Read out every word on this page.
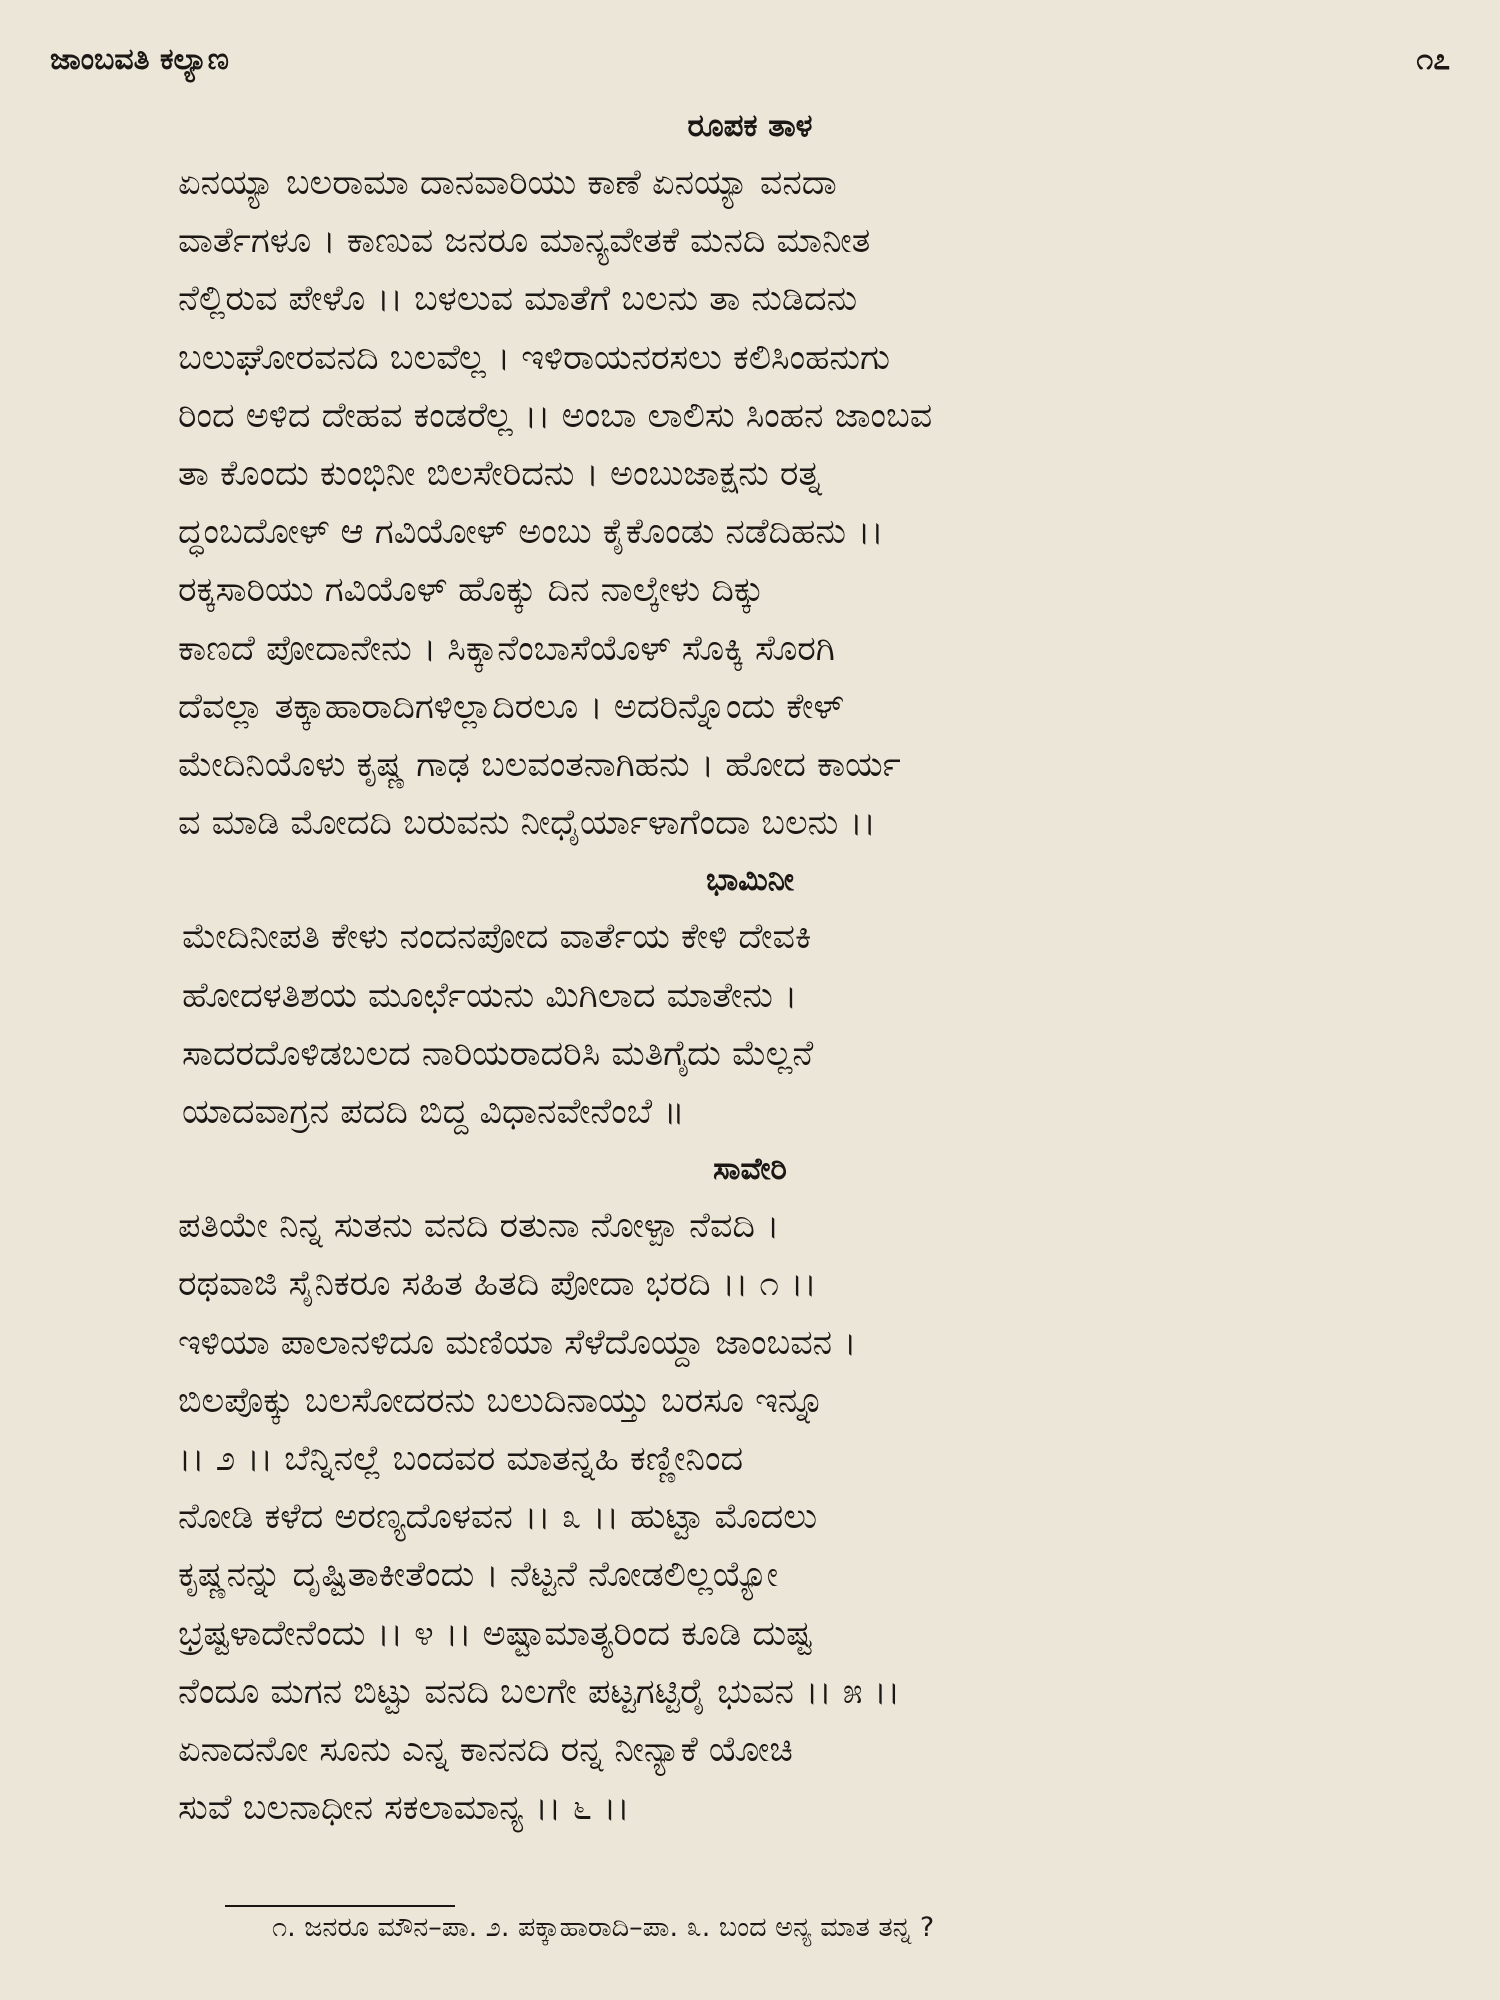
ಜಾಂಬವತಿ ಕಲ್ಯಾಣ	೧೭
ರೂಪಕ ತಾಳ
ಏನಯ್ಯಾ ಬಲರಾಮಾ ದಾನವಾರಿಯು ಕಾಣೆ ಏನಯ್ಯಾ ವನದಾ
ವಾರ್ತೆಗಳೂ । ಕಾಣುವ ಜನರೂ ಮಾನ್ಯವೇತಕೆ ಮನದಿ ಮಾನೀತ
ನೆಲ್ಲಿರುವ ಪೇಳೊ ।। ಬಳಲುವ ಮಾತೆಗೆ ಬಲನು ತಾ ನುಡಿದನು
ಬಲುಘೋರವನದಿ ಬಲವೆಲ್ಲ । ಇಳಿರಾಯನರಸಲು ಕಲಿಸಿಂಹನುಗು
ರಿಂದ ಅಳಿದ ದೇಹವ ಕಂಡರೆಲ್ಲ ।। ಅಂಬಾ ಲಾಲಿಸು ಸಿಂಹನ ಜಾಂಬವ
ತಾ ಕೊಂದು ಕುಂಭಿನೀ ಬಿಲಸೇರಿದನು । ಅಂಬುಜಾಕ್ಷನು ರತ್ನ
ದ್ಧಂಬದೋಳ್ ಆ ಗವಿಯೋಳ್ ಅಂಬು ಕೈಕೊಂಡು ನಡೆದಿಹನು ।।
ರಕ್ಕಸಾರಿಯು ಗವಿಯೊಳ್ ಹೊಕ್ಕು ದಿನ ನಾಲ್ಕೇಳು ದಿಕ್ಕು
ಕಾಣದೆ ಪೋದಾನೇನು । ಸಿಕ್ಕಾನೆಂಬಾಸೆಯೊಳ್ ಸೊಕ್ಕಿ ಸೊರಗಿ
ದೆವಲ್ಲಾ ತಕ್ಕಾಹಾರಾದಿಗಳಿಲ್ಲಾದಿರಲೂ । ಅದರಿನ್ನೊಂದು ಕೇಳ್
ಮೇದಿನಿಯೊಳು ಕೃಷ್ಣ ಗಾಢ ಬಲವಂತನಾಗಿಹನು । ಹೋದ ಕಾರ್ಯ
ವ ಮಾಡಿ ಮೋದದಿ ಬರುವನು ನೀಧೈರ್ಯಾಳಾಗೆಂದಾ ಬಲನು ।।
ಭಾಮಿನೀ
ಮೇದಿನೀಪತಿ ಕೇಳು ನಂದನಪೋದ ವಾರ್ತೆಯ ಕೇಳಿ ದೇವಕಿ
ಹೋದಳತಿಶಯ ಮೂರ್ಛೆಯನು ಮಿಗಿಲಾದ ಮಾತೇನು ।
ಸಾದರದೊಳಿಡಬಲದ ನಾರಿಯರಾದರಿಸಿ ಮತಿಗೈದು ಮೆಲ್ಲನೆ
ಯಾದವಾಗ್ರನ ಪದದಿ ಬಿದ್ದ ವಿಧಾನವೇನೆಂಬೆ ॥
ಸಾವೇರಿ
ಪತಿಯೇ ನಿನ್ನ ಸುತನು ವನದಿ ರತುನಾ ನೋಳ್ಪಾ ನೆವದಿ ।
ರಥವಾಜಿ ಸೈನಿಕರೂ ಸಹಿತ ಹಿತದಿ ಪೋದಾ ಭರದಿ ।। ೧ ।।
ಇಳಿಯಾ ಪಾಲಾನಳಿದೂ ಮಣಿಯಾ ಸೆಳೆದೊಯ್ದಾ ಜಾಂಬವನ ।
ಬಿಲಪೊಕ್ಕು ಬಲಸೋದರನು ಬಲುದಿನಾಯ್ತು ಬರಸೂ ಇನ್ನೂ
।। ೨ ।। ಬೆನ್ನಿನಲ್ಲೆ ಬಂದವರ ಮಾತನ್ನಹಿ ಕಣ್ಣೀನಿಂದ
ನೋಡಿ ಕಳೆದ ಅರಣ್ಯದೊಳವನ ।। ೩ ।। ಹುಟ್ಟಾ ಮೊದಲು
ಕೃಷ್ಣನನ್ನು ದೃಷ್ಟಿತಾಕೀತೆಂದು । ನೆಟ್ಟನೆ ನೋಡಲಿಲ್ಲಯ್ಯೋ
ಭ್ರಷ್ಟಳಾದೇನೆಂದು ।। ೪ ।। ಅಷ್ಟಾಮಾತ್ಯರಿಂದ ಕೂಡಿ ದುಷ್ಟ
ನೆಂದೂ ಮಗನ ಬಿಟ್ಟು ವನದಿ ಬಲಗೇ ಪಟ್ಟಗಟ್ಟಿರೈ ಭುವನ ।। ೫ ।।
ಏನಾದನೋ ಸೂನು ಎನ್ನ ಕಾನನದಿ ರನ್ನ ನೀನ್ಯಾಕೆ ಯೋಚಿ
ಸುವೆ ಬಲನಾಧೀನ ಸಕಲಾಮಾನ್ಯ ।। ೬ ।।
೧. ಜನರೂ ಮೌನ–ಪಾ. ೨. ಪಕ್ಕಾಹಾರಾದಿ–ಪಾ. ೩. ಬಂದ ಅನ್ಯ ಮಾತ ತನ್ನ ?
